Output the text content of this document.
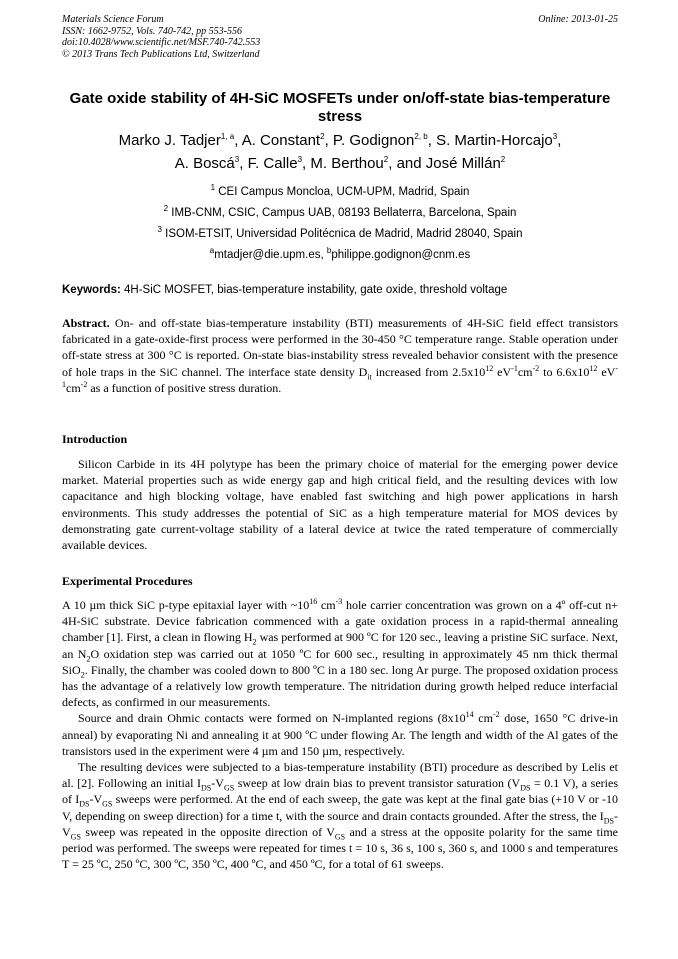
Materials Science Forum
ISSN: 1662-9752, Vols. 740-742, pp 553-556
doi:10.4028/www.scientific.net/MSF.740-742.553
© 2013 Trans Tech Publications Ltd, Switzerland
Online: 2013-01-25
Gate oxide stability of 4H-SiC MOSFETs under on/off-state bias-temperature stress
Marko J. Tadjer$^{1, a}$, A. Constant$^2$, P. Godignon$^{2, b}$, S. Martin-Horcajo$^3$,
A. Boscá$^3$, F. Calle$^3$, M. Berthou$^2$, and José Millán$^2$
$^1$ CEI Campus Moncloa, UCM-UPM, Madrid, Spain
$^2$ IMB-CNM, CSIC, Campus UAB, 08193 Bellaterra, Barcelona, Spain
$^3$ ISOM-ETSIT, Universidad Politécnica de Madrid, Madrid 28040, Spain
$^a$mtadjer@die.upm.es, $^b$philippe.godignon@cnm.es
Keywords: 4H-SiC MOSFET, bias-temperature instability, gate oxide, threshold voltage
Abstract. On- and off-state bias-temperature instability (BTI) measurements of 4H-SiC field effect transistors fabricated in a gate-oxide-first process were performed in the 30-450 °C temperature range. Stable operation under off-state stress at 300 °C is reported. On-state bias-instability stress revealed behavior consistent with the presence of hole traps in the SiC channel. The interface state density $D_{it}$ increased from $2.5x10^{12}$ $eV^{-1}cm^{-2}$ to $6.6x10^{12}$ $eV^{-1}cm^{-2}$ as a function of positive stress duration.
Introduction
Silicon Carbide in its 4H polytype has been the primary choice of material for the emerging power device market. Material properties such as wide energy gap and high critical field, and the resulting devices with low capacitance and high blocking voltage, have enabled fast switching and high power applications in harsh environments. This study addresses the potential of SiC as a high temperature material for MOS devices by demonstrating gate current-voltage stability of a lateral device at twice the rated temperature of commercially available devices.
Experimental Procedures

A 10 µm thick SiC p-type epitaxial layer with $\sim 10^{16}$ $cm^{-3}$ hole carrier concentration was grown on a 4º off-cut n+ 4H-SiC substrate. Device fabrication commenced with a gate oxidation process in a rapid-thermal annealing chamber [1]. First, a clean in flowing $H_2$ was performed at 900 ºC for 120 sec., leaving a pristine SiC surface. Next, an $N_2O$ oxidation step was carried out at 1050 ºC for 600 sec., resulting in approximately 45 nm thick thermal SiO$_2$. Finally, the chamber was cooled down to 800 ºC in a 180 sec. long Ar purge. The proposed oxidation process has the advantage of a relatively low growth temperature. The nitridation during growth helped reduce interfacial defects, as confirmed in our measurements.

Source and drain Ohmic contacts were formed on N-implanted regions ($8x10^{14}$ $cm^{-2}$ dose, 1650 °C drive-in anneal) by evaporating Ni and annealing it at 900 ºC under flowing Ar. The length and width of the Al gates of the transistors used in the experiment were 4 µm and 150 µm, respectively.

The resulting devices were subjected to a bias-temperature instability (BTI) procedure as described by Lelis et al. [2]. Following an initial $I_{DS}-V_{GS}$ sweep at low drain bias to prevent transistor saturation ($V_{DS} = 0.1$ V), a series of $I_{DS}-V_{GS}$ sweeps were performed. At the end of each sweep, the gate was kept at the final gate bias (+10 V or -10 V, depending on sweep direction) for a time t, with the source and drain contacts grounded. After the stress, the $I_{DS}-V_{GS}$ sweep was repeated in the opposite direction of $V_{GS}$ and a stress at the opposite polarity for the same time period was performed. The sweeps were repeated for times t = 10 s, 36 s, 100 s, 360 s, and 1000 s and temperatures T = 25 ºC, 250 ºC, 300 ºC, 350 ºC, 400 ºC, and 450 ºC, for a total of 61 sweeps.
